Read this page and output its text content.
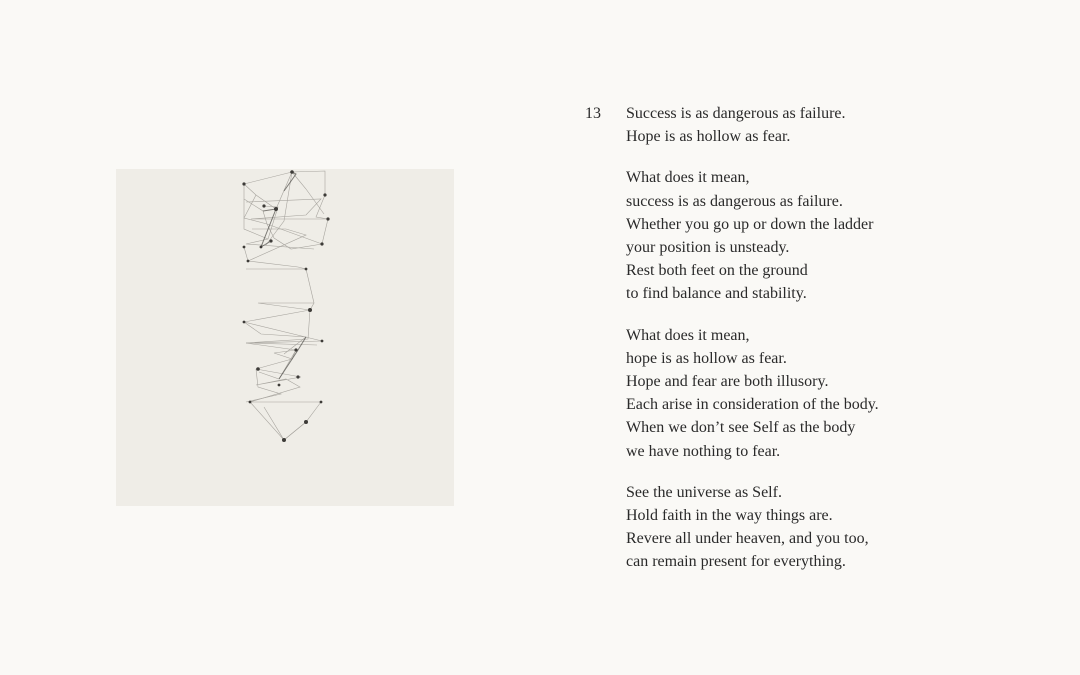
13 Success is as dangerous as failure.
Hope is as hollow as fear.
What does it mean,
success is as dangerous as failure.
Whether you go up or down the ladder
your position is unsteady.
Rest both feet on the ground
to find balance and stability.
What does it mean,
hope is as hollow as fear.
Hope and fear are both illusory.
Each arise in consideration of the body.
When we don’t see Self as the body
we have nothing to fear.
See the universe as Self.
Hold faith in the way things are.
Revere all under heaven, and you too,
can remain present for everything.
